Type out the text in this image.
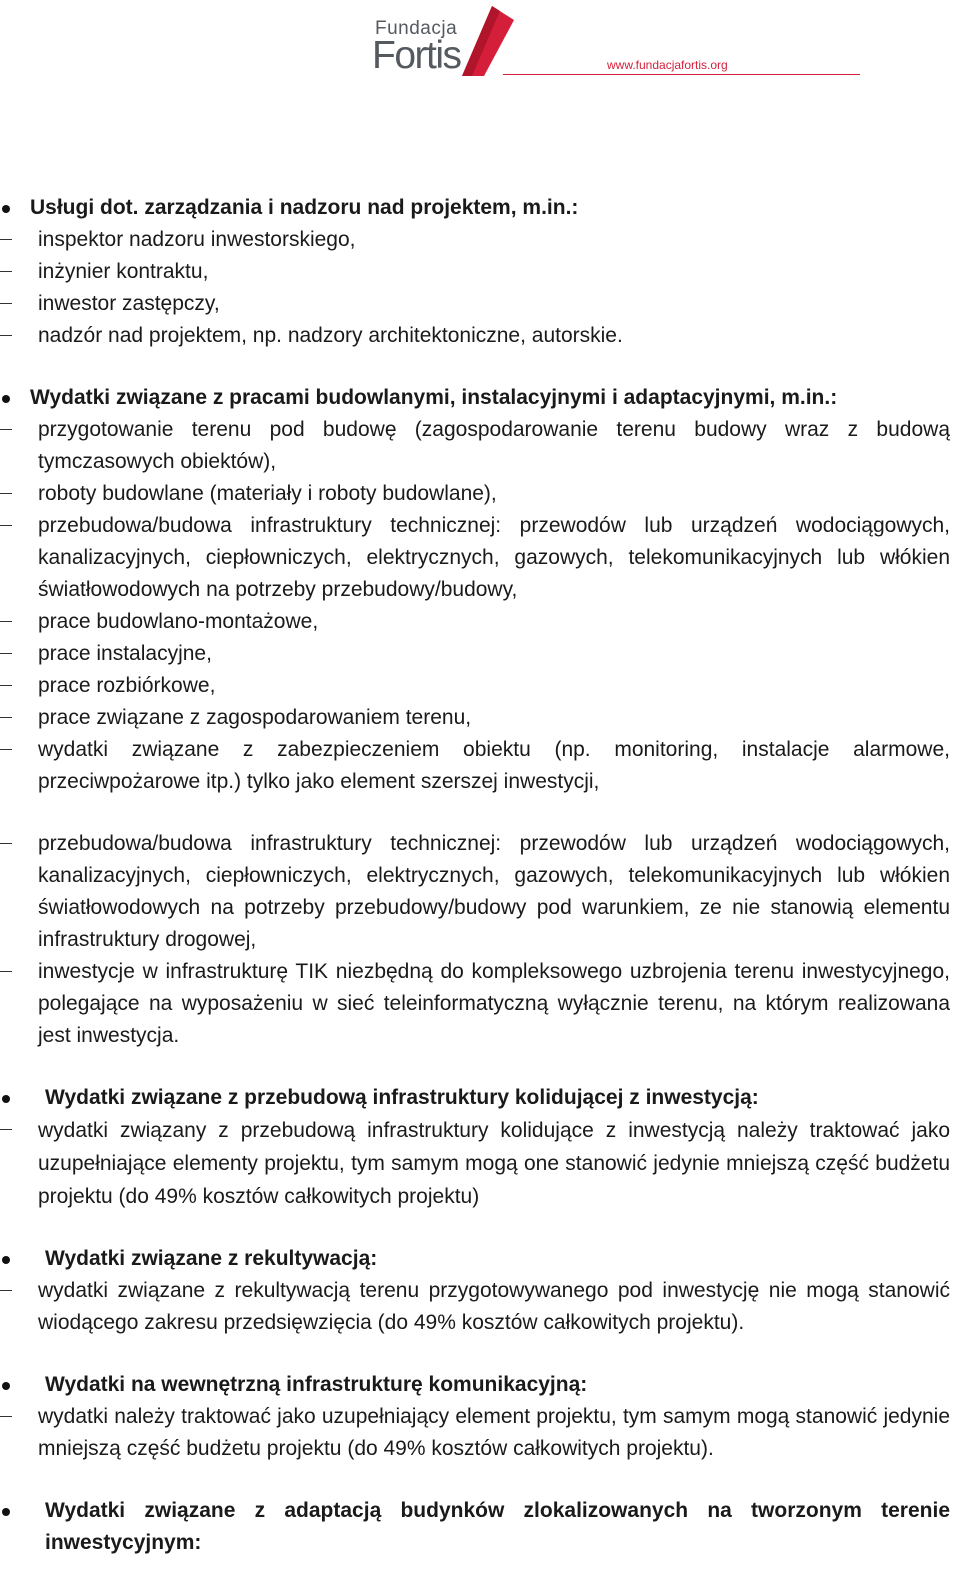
Fundacja
Fortis	www.fundacjafortis.org
Usługi dot. zarządzania i nadzoru nad projektem, m.in.:
inspektor nadzoru inwestorskiego,
inżynier kontraktu,
inwestor zastępczy,
nadzór nad projektem, np. nadzory architektoniczne, autorskie.
Wydatki związane z pracami budowlanymi, instalacyjnymi i adaptacyjnymi, m.in.:
przygotowanie terenu pod budowę (zagospodarowanie terenu budowy wraz z budową tymczasowych obiektów),
roboty budowlane (materiały i roboty budowlane),
przebudowa/budowa infrastruktury technicznej: przewodów lub urządzeń wodociągowych, kanalizacyjnych, ciepłowniczych, elektrycznych, gazowych, telekomunikacyjnych lub włókien światłowodowych na potrzeby przebudowy/budowy,
prace budowlano-montażowe,
prace instalacyjne,
prace rozbiórkowe,
prace związane z zagospodarowaniem terenu,
wydatki związane z zabezpieczeniem obiektu (np. monitoring, instalacje alarmowe, przeciwpożarowe itp.) tylko jako element szerszej inwestycji,
przebudowa/budowa infrastruktury technicznej: przewodów lub urządzeń wodociągowych, kanalizacyjnych, ciepłowniczych, elektrycznych, gazowych, telekomunikacyjnych lub włókien światłowodowych na potrzeby przebudowy/budowy pod warunkiem, ze nie stanowią elementu infrastruktury drogowej,
inwestycje w infrastrukturę TIK niezbędną do kompleksowego uzbrojenia terenu inwestycyjnego, polegające na wyposażeniu w sieć teleinformatyczną wyłącznie terenu, na którym realizowana jest inwestycja.
Wydatki związane z przebudową infrastruktury kolidującej z inwestycją:
wydatki związany z przebudową infrastruktury kolidujące z inwestycją należy traktować jako uzupełniające elementy projektu, tym samym mogą one stanowić jedynie mniejszą część budżetu projektu (do 49% kosztów całkowitych projektu)
Wydatki związane z rekultywacją:
wydatki związane z rekultywacją terenu przygotowywanego pod inwestycję nie mogą stanowić wiodącego zakresu przedsięwzięcia (do 49% kosztów całkowitych projektu).
Wydatki na wewnętrzną infrastrukturę komunikacyjną:
wydatki należy traktować jako uzupełniający element projektu, tym samym mogą stanowić jedynie mniejszą część budżetu projektu (do 49% kosztów całkowitych projektu).
Wydatki związane z adaptacją budynków zlokalizowanych na tworzonym terenie inwestycyjnym:
